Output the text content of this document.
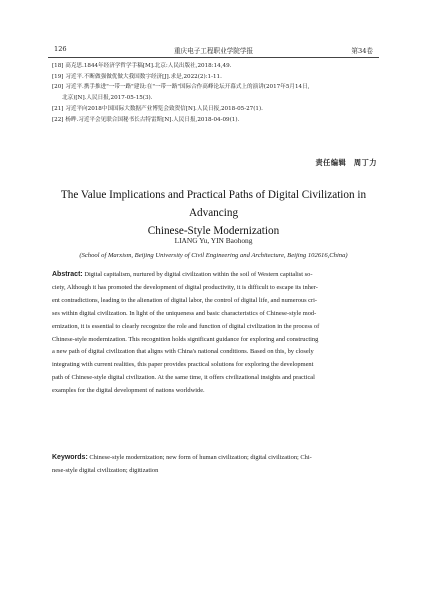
126	重庆电子工程职业学院学报	第34卷
[18] 高克思.1844年经济学哲学手稿[M].北京:人民出版社,2018:14,49.
[19] 习近平.不断做强做优做大我国数字经济[J].求是,2022(2):1-11.
[20] 习近平.携手推进"一带一路"建设:在"一带一路"国际合作高峰论坛开幕式上的演讲(2017年5月14日,
北京)[N].人民日报,2017-05-15(3).
[21] 习近平向2018中国国际大数据产业博览会致贺信[N].人民日报,2018-05-27(1).
[22] 杨晔.习近平会见联合国秘书长古特雷斯[N].人民日报,2018-04-09(1).
责任编辑　周丁力
The Value Implications and Practical Paths of Digital Civilization in Advancing
Chinese-Style Modernization
LIANG Yu, YIN Baohong
(School of Marxism, Beijing University of Civil Engineering and Architecture, Beijing 102616,China)
Abstract: Digital capitalism, nurtured by digital civilization within the soil of Western capitalist so-
ciety, Although it has promoted the development of digital productivity, it is difficult to escape its inher-
ent contradictions, leading to the alienation of digital labor, the control of digital life, and numerous cri-
ses within digital civilization. In light of the uniqueness and basic characteristics of Chinese-style mod-
ernization, it is essential to clearly recognize the role and function of digital civilization in the process of
Chinese-style modernization. This recognition holds significant guidance for exploring and constructing
a new path of digital civilization that aligns with China's national conditions. Based on this, by closely
integrating with current realities, this paper provides practical solutions for exploring the development
path of Chinese-style digital civilization. At the same time, it offers civilizational insights and practical
examples for the digital development of nations worldwide.
Keywords: Chinese-style modernization; new form of human civilization; digital civilization; Chi-
nese-style digital civilization; digitization
